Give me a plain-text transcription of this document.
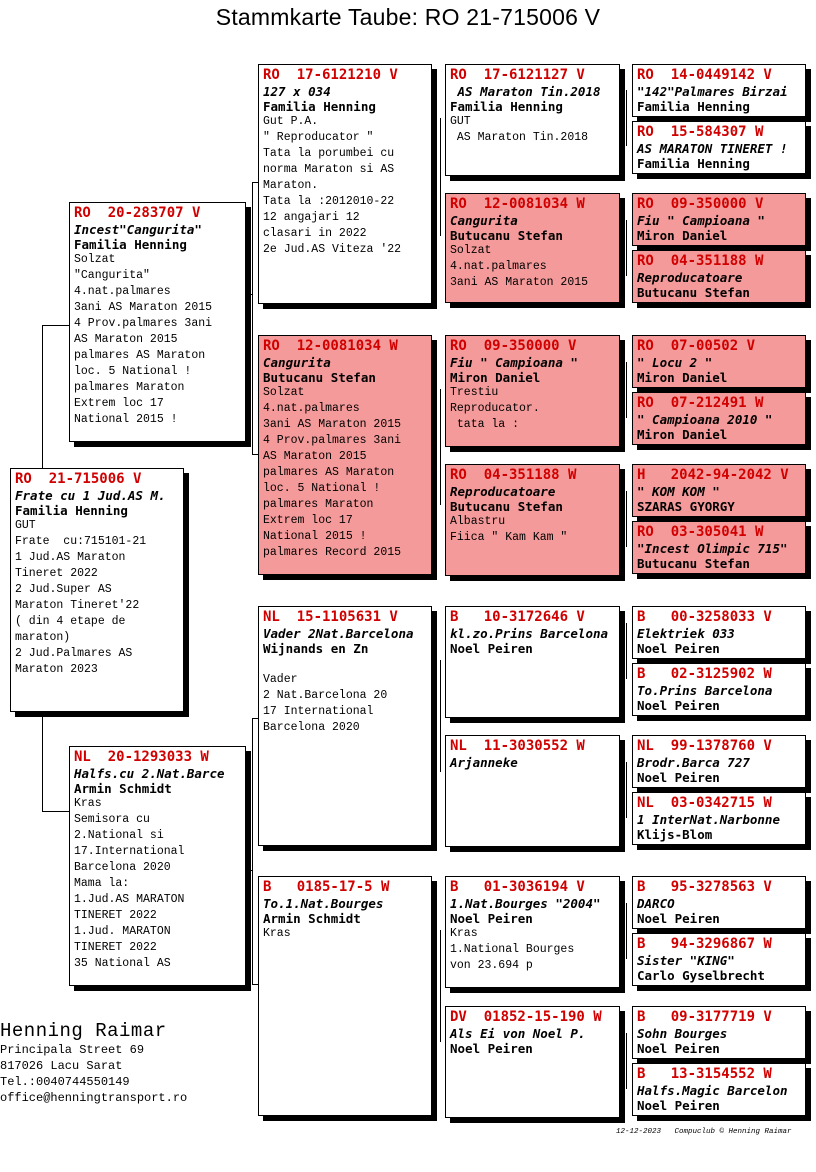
Stammkarte Taube: RO 21-715006 V
RO  21-715006 V
Frate cu 1 Jud.AS M.
Familia Henning
GUT
Frate  cu:715101-21
1 Jud.AS Maraton
Tineret 2022
2 Jud.Super AS
Maraton Tineret'22
( din 4 etape de
maraton)
2 Jud.Palmares AS
Maraton 2023
RO  20-283707 V
Incest"Cangurita"
Familia Henning
Solzat
"Cangurita"
4.nat.palmares
3ani AS Maraton 2015
4 Prov.palmares 3ani
AS Maraton 2015
palmares AS Maraton
loc. 5 National !
palmares Maraton
Extrem loc 17
National 2015 !
NL  20-1293033 W
Halfs.cu 2.Nat.Barce
Armin Schmidt
Kras
Semisora cu
2.National si
17.International
Barcelona 2020
Mama la:
1.Jud.AS MARATON
TINERET 2022
1.Jud. MARATON
TINERET 2022
35 National AS
RO  17-6121210 V
127 x 034
Familia Henning
Gut P.A.
" Reproducator "
Tata la porumbei cu
norma Maraton si AS
Maraton.
Tata la :2012010-22
12 angajari 12
clasari in 2022
2e Jud.AS Viteza '22
RO  12-0081034 W
Cangurita
Butucanu Stefan
Solzat
4.nat.palmares
3ani AS Maraton 2015
4 Prov.palmares 3ani
AS Maraton 2015
palmares AS Maraton
loc. 5 National !
palmares Maraton
Extrem loc 17
National 2015 !
palmares Record 2015
NL  15-1105631 V
Vader 2Nat.Barcelona
Wijnands en Zn

Vader
2 Nat.Barcelona 20
17 International
Barcelona 2020
B   0185-17-5 W
To.1.Nat.Bourges
Armin Schmidt
Kras
RO  17-6121127 V
AS Maraton Tin.2018
Familia Henning
GUT
AS Maraton Tin.2018
RO  12-0081034 W
Cangurita
Butucanu Stefan
Solzat
4.nat.palmares
3ani AS Maraton 2015
RO  09-350000 V
Fiu " Campioana "
Miron Daniel
Trestiu
Reproducator.
tata la :
RO  04-351188 W
Reproducatoare
Butucanu Stefan
Albastru
Fiica " Kam Kam "
B   10-3172646 V
kl.zo.Prins Barcelona
Noel Peiren
NL  11-3030552 W
Arjanneke
B   01-3036194 V
1.Nat.Bourges "2004"
Noel Peiren
Kras
1.National Bourges
von 23.694 p
DV  01852-15-190 W
Als Ei von Noel P.
Noel Peiren
RO  14-0449142 V
"142"Palmares Birzai
Familia Henning
RO  15-584307 W
AS MARATON TINERET !
Familia Henning
RO  09-350000 V
Fiu " Campioana "
Miron Daniel
RO  04-351188 W
Reproducatoare
Butucanu Stefan
RO  07-00502 V
" Locu 2 "
Miron Daniel
RO  07-212491 W
" Campioana 2010 "
Miron Daniel
H   2042-94-2042 V
" KOM KOM "
SZARAS GYORGY
RO  03-305041 W
"Incest Olimpic 715"
Butucanu Stefan
B   00-3258033 V
Elektriek 033
Noel Peiren
B   02-3125902 W
To.Prins Barcelona
Noel Peiren
NL  99-1378760 V
Brodr.Barca 727
Noel Peiren
NL  03-0342715 W
1 InterNat.Narbonne
Klijs-Blom
B   95-3278563 V
DARCO
Noel Peiren
B   94-3296867 W
Sister "KING"
Carlo Gyselbrecht
B   09-3177719 V
Sohn Bourges
Noel Peiren
B   13-3154552 W
Halfs.Magic Barcelon
Noel Peiren
Henning Raimar
Principala Street 69
817026 Lacu Sarat
Tel.:0040744550149
office@henningtransport.ro
12-12-2023 Compuclub © Henning Raimar
